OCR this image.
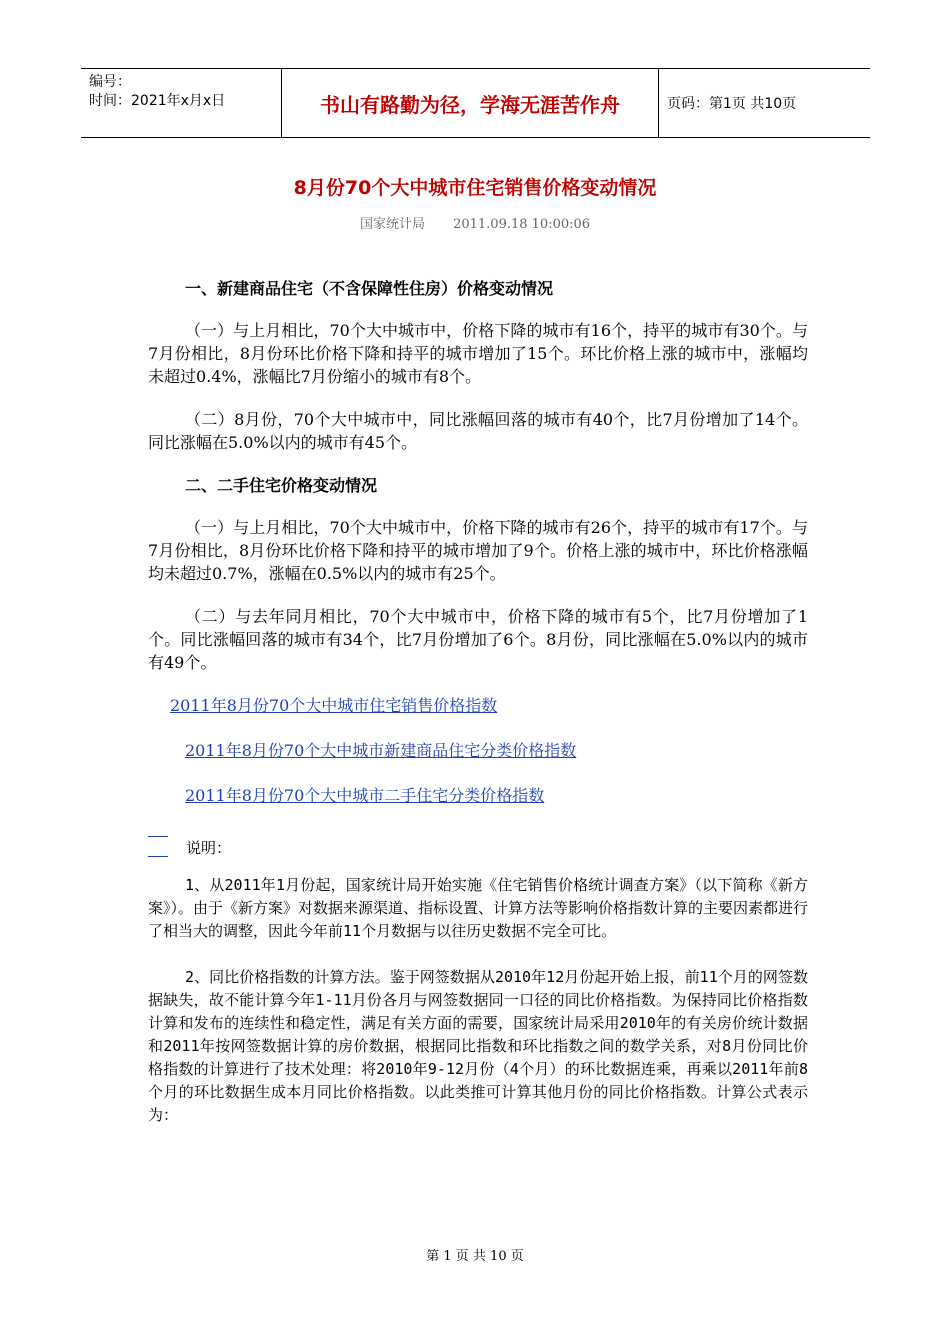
编号：
时间：2021年x月x日	书山有路勤为径，学海无涯苦作舟	页码：第1页 共10页
8月份70个大中城市住宅销售价格变动情况
国家统计局 2011.09.18 10:00:06
一、新建商品住宅（不含保障性住房）价格变动情况

（一）与上月相比，70个大中城市中，价格下降的城市有16个，持平的城市有30个。与7月份相比，8月份环比价格下降和持平的城市增加了15个。环比价格上涨的城市中，涨幅均未超过0.4%，涨幅比7月份缩小的城市有8个。

（二）8月份，70个大中城市中，同比涨幅回落的城市有40个，比7月份增加了14个。同比涨幅在5.0%以内的城市有45个。

二、二手住宅价格变动情况

（一）与上月相比，70个大中城市中，价格下降的城市有26个，持平的城市有17个。与7月份相比，8月份环比价格下降和持平的城市增加了9个。价格上涨的城市中，环比价格涨幅均未超过0.7%，涨幅在0.5%以内的城市有25个。

（二）与去年同月相比，70个大中城市中，价格下降的城市有5个，比7月份增加了1个。同比涨幅回落的城市有34个，比7月份增加了6个。8月份，同比涨幅在5.0%以内的城市有49个。

2011年8月份70个大中城市住宅销售价格指数
2011年8月份70个大中城市新建商品住宅分类价格指数
2011年8月份70个大中城市二手住宅分类价格指数
说明：

1、从2011年1月份起，国家统计局开始实施《住宅销售价格统计调查方案》（以下简称《新方案》）。由于《新方案》对数据来源渠道、指标设置、计算方法等影响价格指数计算的主要因素都进行了相当大的调整，因此今年前11个月数据与以往历史数据不完全可比。

2、同比价格指数的计算方法。鉴于网签数据从2010年12月份起开始上报，前11个月的网签数据缺失，故不能计算今年1-11月份各月与网签数据同一口径的同比价格指数。为保持同比价格指数计算和发布的连续性和稳定性，满足有关方面的需要，国家统计局采用2010年的有关房价统计数据和2011年按网签数据计算的房价数据，根据同比指数和环比指数之间的数学关系，对8月份同比价格指数的计算进行了技术处理：将2010年9-12月份（4个月）的环比数据连乘，再乘以2011年前8个月的环比数据生成本月同比价格指数。以此类推可计算其他月份的同比价格指数。计算公式表示为：

第 1 页 共 10 页
